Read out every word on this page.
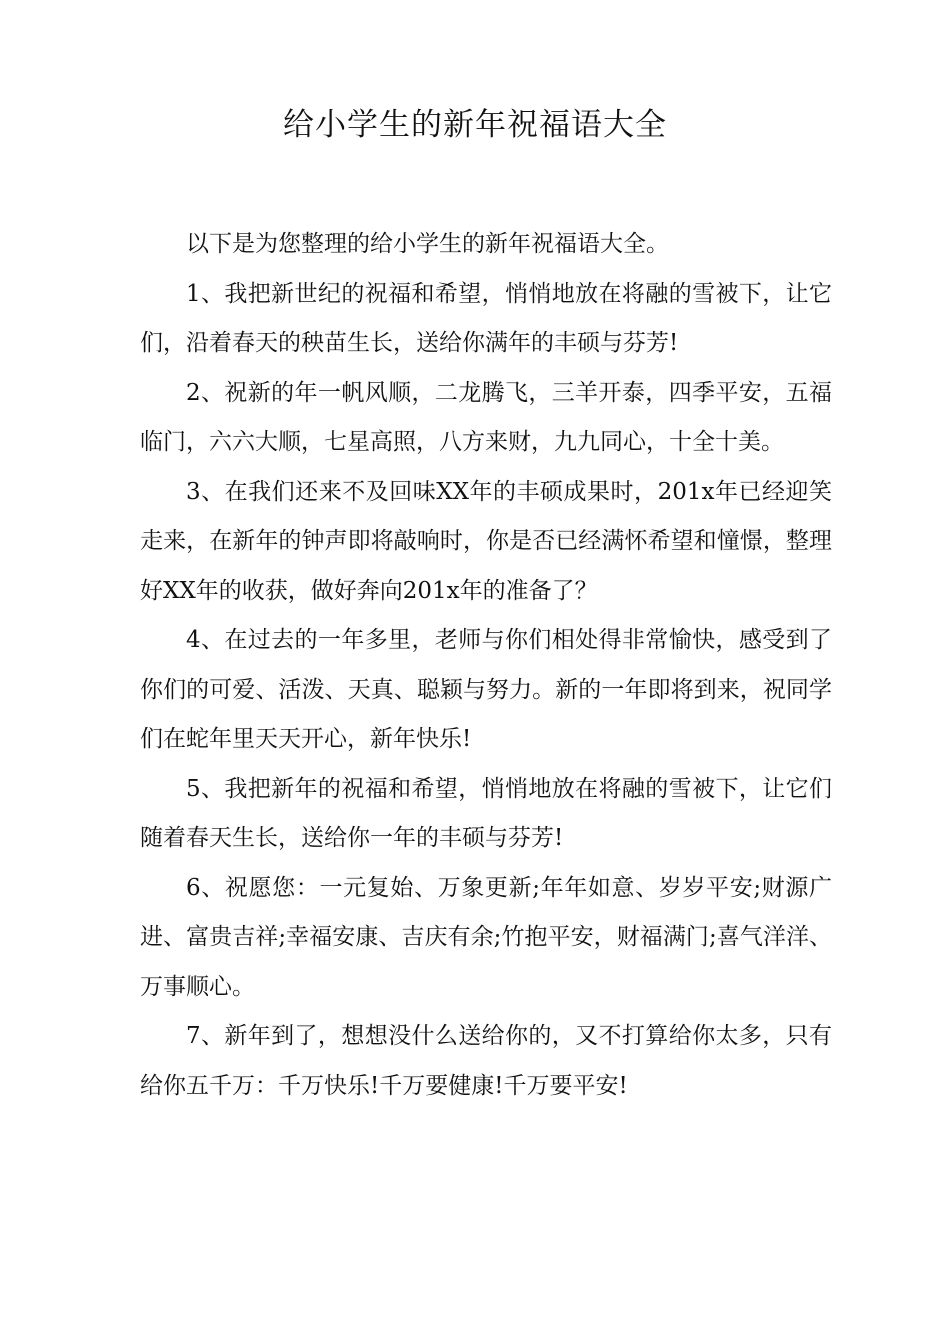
给小学生的新年祝福语大全

以下是为您整理的给小学生的新年祝福语大全。

1、我把新世纪的祝福和希望，悄悄地放在将融的雪被下，让它们，沿着春天的秧苗生长，送给你满年的丰硕与芬芳!

2、祝新的年一帆风顺，二龙腾飞，三羊开泰，四季平安，五福临门，六六大顺，七星高照，八方来财，九九同心，十全十美。

3、在我们还来不及回味XX年的丰硕成果时，201x年已经迎笑走来，在新年的钟声即将敲响时，你是否已经满怀希望和憧憬，整理好XX年的收获，做好奔向201x年的准备了？

4、在过去的一年多里，老师与你们相处得非常愉快，感受到了你们的可爱、活泼、天真、聪颖与努力。新的一年即将到来，祝同学们在蛇年里天天开心，新年快乐!

5、我把新年的祝福和希望，悄悄地放在将融的雪被下，让它们随着春天生长，送给你一年的丰硕与芬芳!

6、祝愿您：一元复始、万象更新;年年如意、岁岁平安;财源广进、富贵吉祥;幸福安康、吉庆有余;竹抱平安，财福满门;喜气洋洋、万事顺心。

7、新年到了，想想没什么送给你的，又不打算给你太多，只有给你五千万：千万快乐!千万要健康!千万要平安!
